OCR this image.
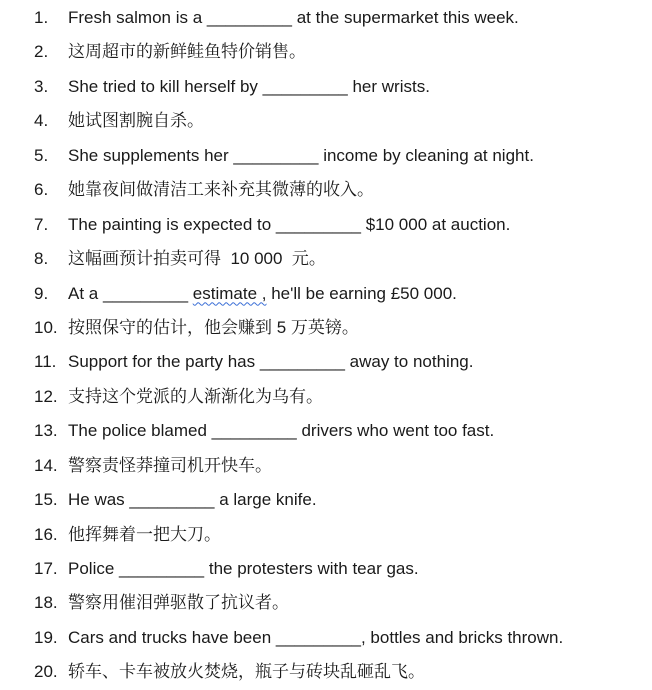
1. Fresh salmon is a _________ at the supermarket this week.
2. 这周超市的新鲜鲑鱼特价销售。
3. She tried to kill herself by _________ her wrists.
4. 她试图割腕自杀。
5. She supplements her _________ income by cleaning at night.
6. 她靠夜间做清洁工来补充其微薄的收入。
7. The painting is expected to _________ $10 000 at auction.
8. 这幅画预计拍卖可得  10 000  元。
9. At a _________ estimate , he'll be earning £50 000.
10. 按照保守的估计，他会赚到 5 万英镑。
11. Support for the party has _________ away to nothing.
12. 支持这个党派的人渐渐化为乌有。
13. The police blamed _________ drivers who went too fast.
14. 警察责怪莽撞司机开快车。
15. He was _________ a large knife.
16. 他挥舞着一把大刀。
17. Police _________ the protesters with tear gas.
18. 警察用催泪弹驱散了抗议者。
19. Cars and trucks have been _________, bottles and bricks thrown.
20. 轿车、卡车被放火焚烧，瓶子与砖块乱砸乱飞。
